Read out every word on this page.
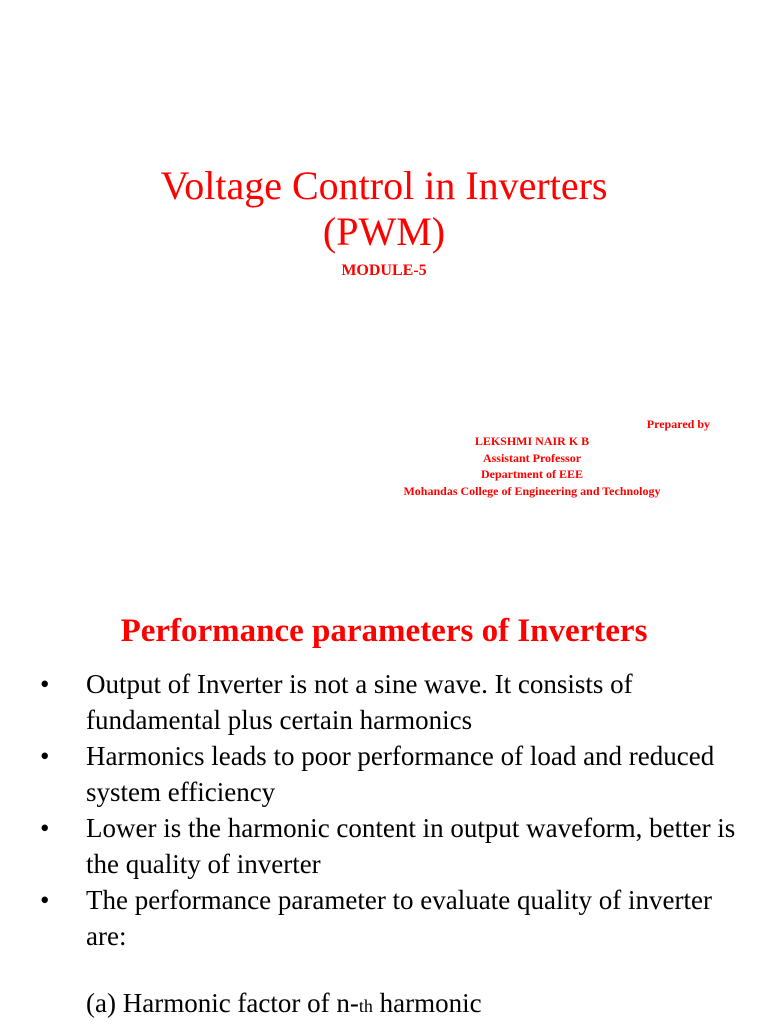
Voltage Control in Inverters
(PWM)
MODULE-5
Prepared by
LEKSHMI NAIR K B
Assistant Professor
Department of EEE
Mohandas College of Engineering and Technology
Performance parameters of Inverters
• Output of Inverter is not a sine wave. It consists of fundamental plus certain harmonics
• Harmonics leads to poor performance of load and reduced system efficiency
• Lower is the harmonic content in output waveform, better is the quality of inverter
• The performance parameter to evaluate quality of inverter are:
(a) Harmonic factor of n-th harmonic
